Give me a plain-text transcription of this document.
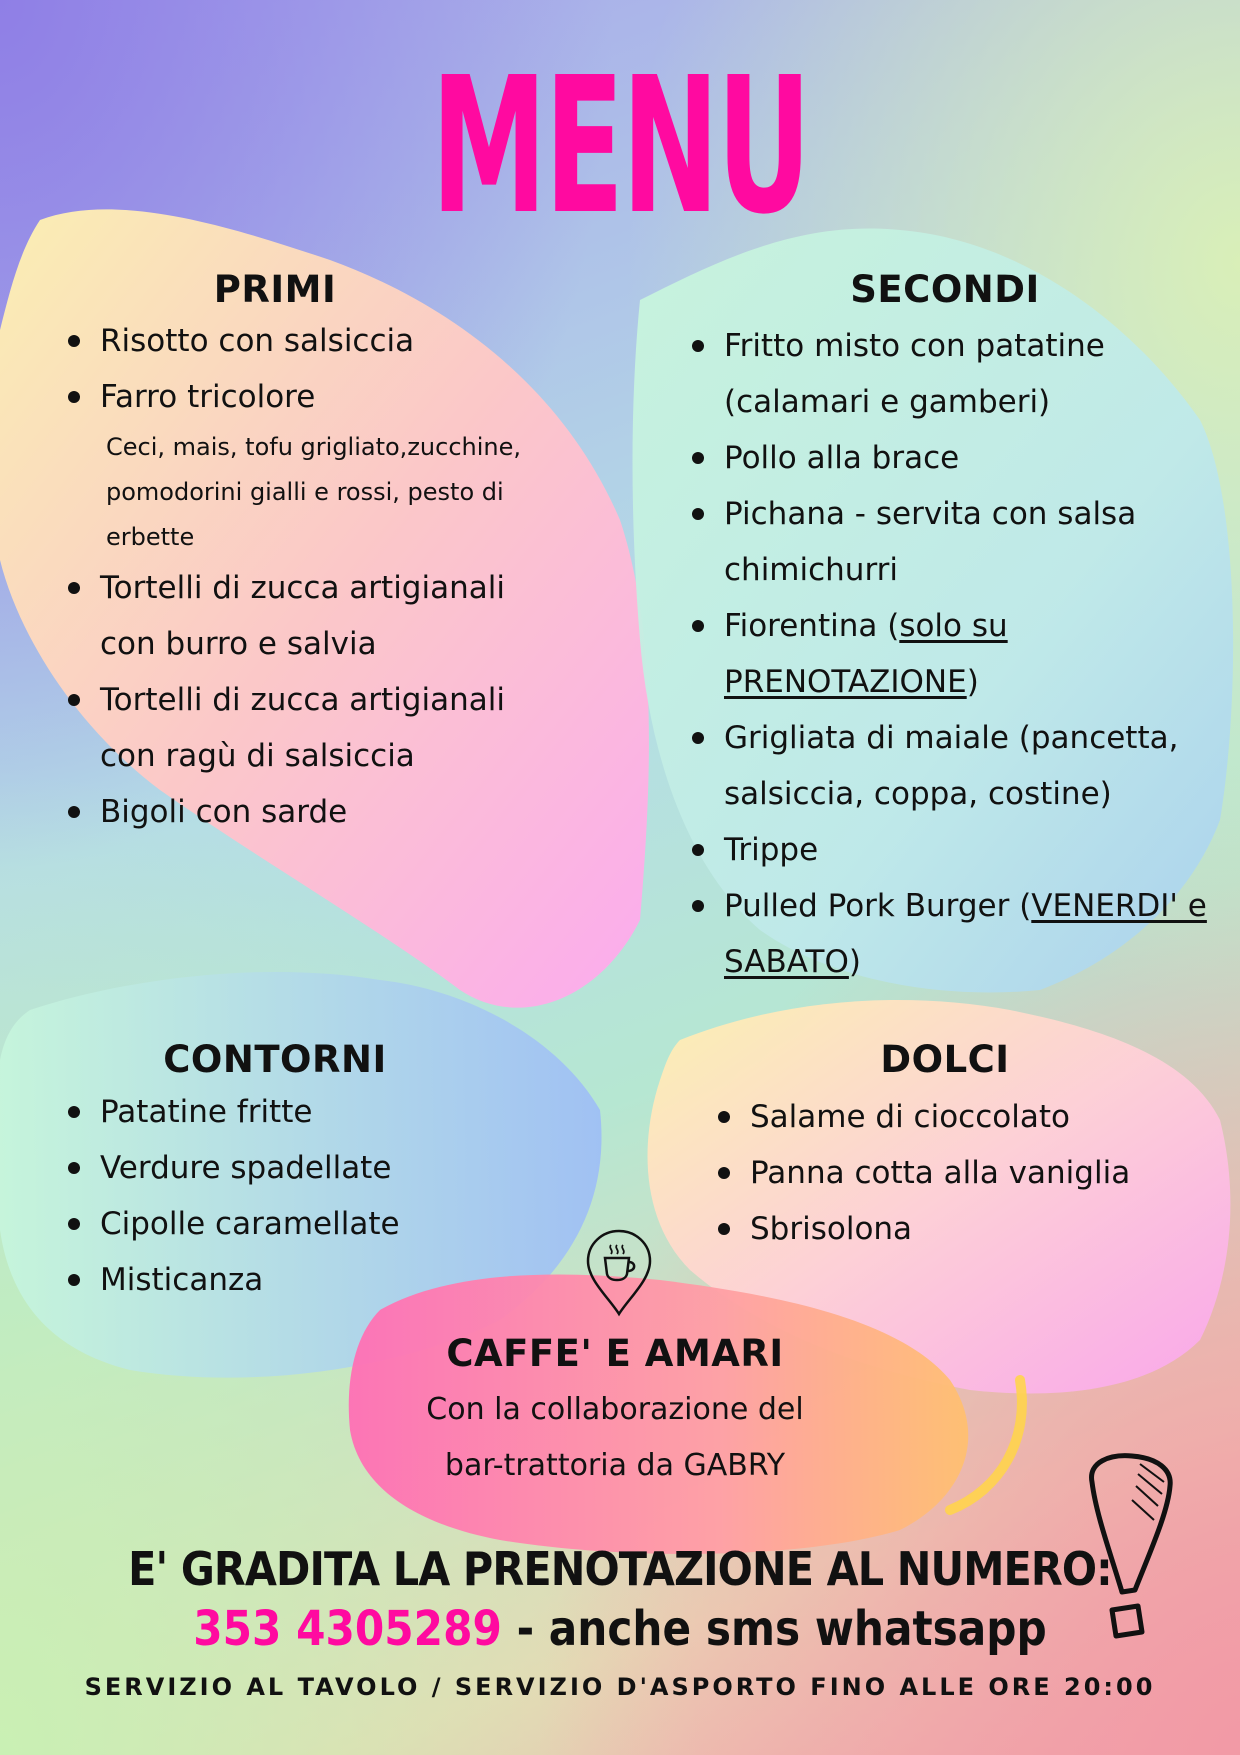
MENU
PRIMI
Risotto con salsiccia
Farro tricolore
Ceci, mais, tofu grigliato,zucchine, pomodorini gialli e rossi, pesto di erbette
Tortelli di zucca artigianali con burro e salvia
Tortelli di zucca artigianali con ragù di salsiccia
Bigoli con sarde
SECONDI
Fritto misto con patatine (calamari e gamberi)
Pollo alla brace
Pichana - servita con salsa chimichurri
Fiorentina (solo su PRENOTAZIONE)
Grigliata di maiale (pancetta, salsiccia, coppa, costine)
Trippe
Pulled Pork Burger (VENERDI' e SABATO)
CONTORNI
Patatine fritte
Verdure spadellate
Cipolle caramellate
Misticanza
DOLCI
Salame di cioccolato
Panna cotta alla vaniglia
Sbrisolona
CAFFE' E AMARI
Con la collaborazione del
bar-trattoria da GABRY
E' GRADITA LA PRENOTAZIONE AL NUMERO:
353 4305289 - anche sms whatsapp
SERVIZIO AL TAVOLO / SERVIZIO D'ASPORTO FINO ALLE ORE 20:00
